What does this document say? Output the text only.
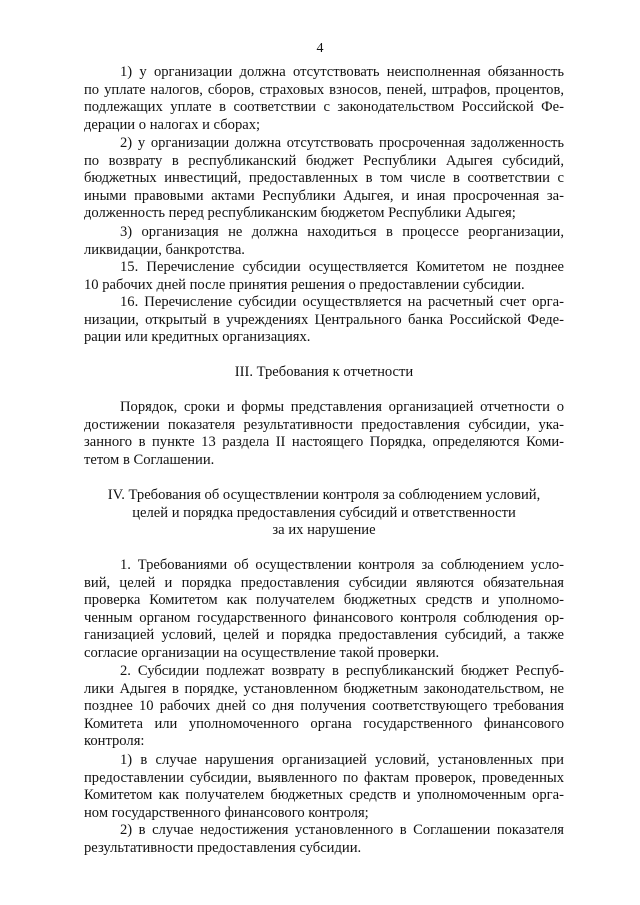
4
1) у организации должна отсутствовать неисполненная обязанность
по уплате налогов, сборов, страховых взносов, пеней, штрафов, процентов,
подлежащих уплате в соответствии с законодательством Российской Фе-
дерации о налогах и сборах;
2) у организации должна отсутствовать просроченная задолженность
по возврату в республиканский бюджет Республики Адыгея субсидий,
бюджетных инвестиций, предоставленных в том числе в соответствии с
иными правовыми актами Республики Адыгея, и иная просроченная за-
долженность перед республиканским бюджетом Республики Адыгея;
3) организация не должна находиться в процессе реорганизации,
ликвидации, банкротства.
15. Перечисление субсидии осуществляется Комитетом не позднее
10 рабочих дней после принятия решения о предоставлении субсидии.
16. Перечисление субсидии осуществляется на расчетный счет орга-
низации, открытый в учреждениях Центрального банка Российской Феде-
рации или кредитных организациях.
III. Требования к отчетности
Порядок, сроки и формы представления организацией отчетности о
достижении показателя результативности предоставления субсидии, ука-
занного в пункте 13 раздела II настоящего Порядка, определяются Коми-
тетом в Соглашении.
IV. Требования об осуществлении контроля за соблюдением условий,
целей и порядка предоставления субсидий и ответственности
за их нарушение
1. Требованиями об осуществлении контроля за соблюдением усло-
вий, целей и порядка предоставления субсидии являются обязательная
проверка Комитетом как получателем бюджетных средств и уполномо-
ченным органом государственного финансового контроля соблюдения ор-
ганизацией условий, целей и порядка предоставления субсидий, а также
согласие организации на осуществление такой проверки.
2. Субсидии подлежат возврату в республиканский бюджет Респуб-
лики Адыгея в порядке, установленном бюджетным законодательством, не
позднее 10 рабочих дней со дня получения соответствующего требования
Комитета или уполномоченного органа государственного финансового
контроля:
1) в случае нарушения организацией условий, установленных при
предоставлении субсидии, выявленного по фактам проверок, проведенных
Комитетом как получателем бюджетных средств и уполномоченным орга-
ном государственного финансового контроля;
2) в случае недостижения установленного в Соглашении показателя
результативности предоставления субсидии.
